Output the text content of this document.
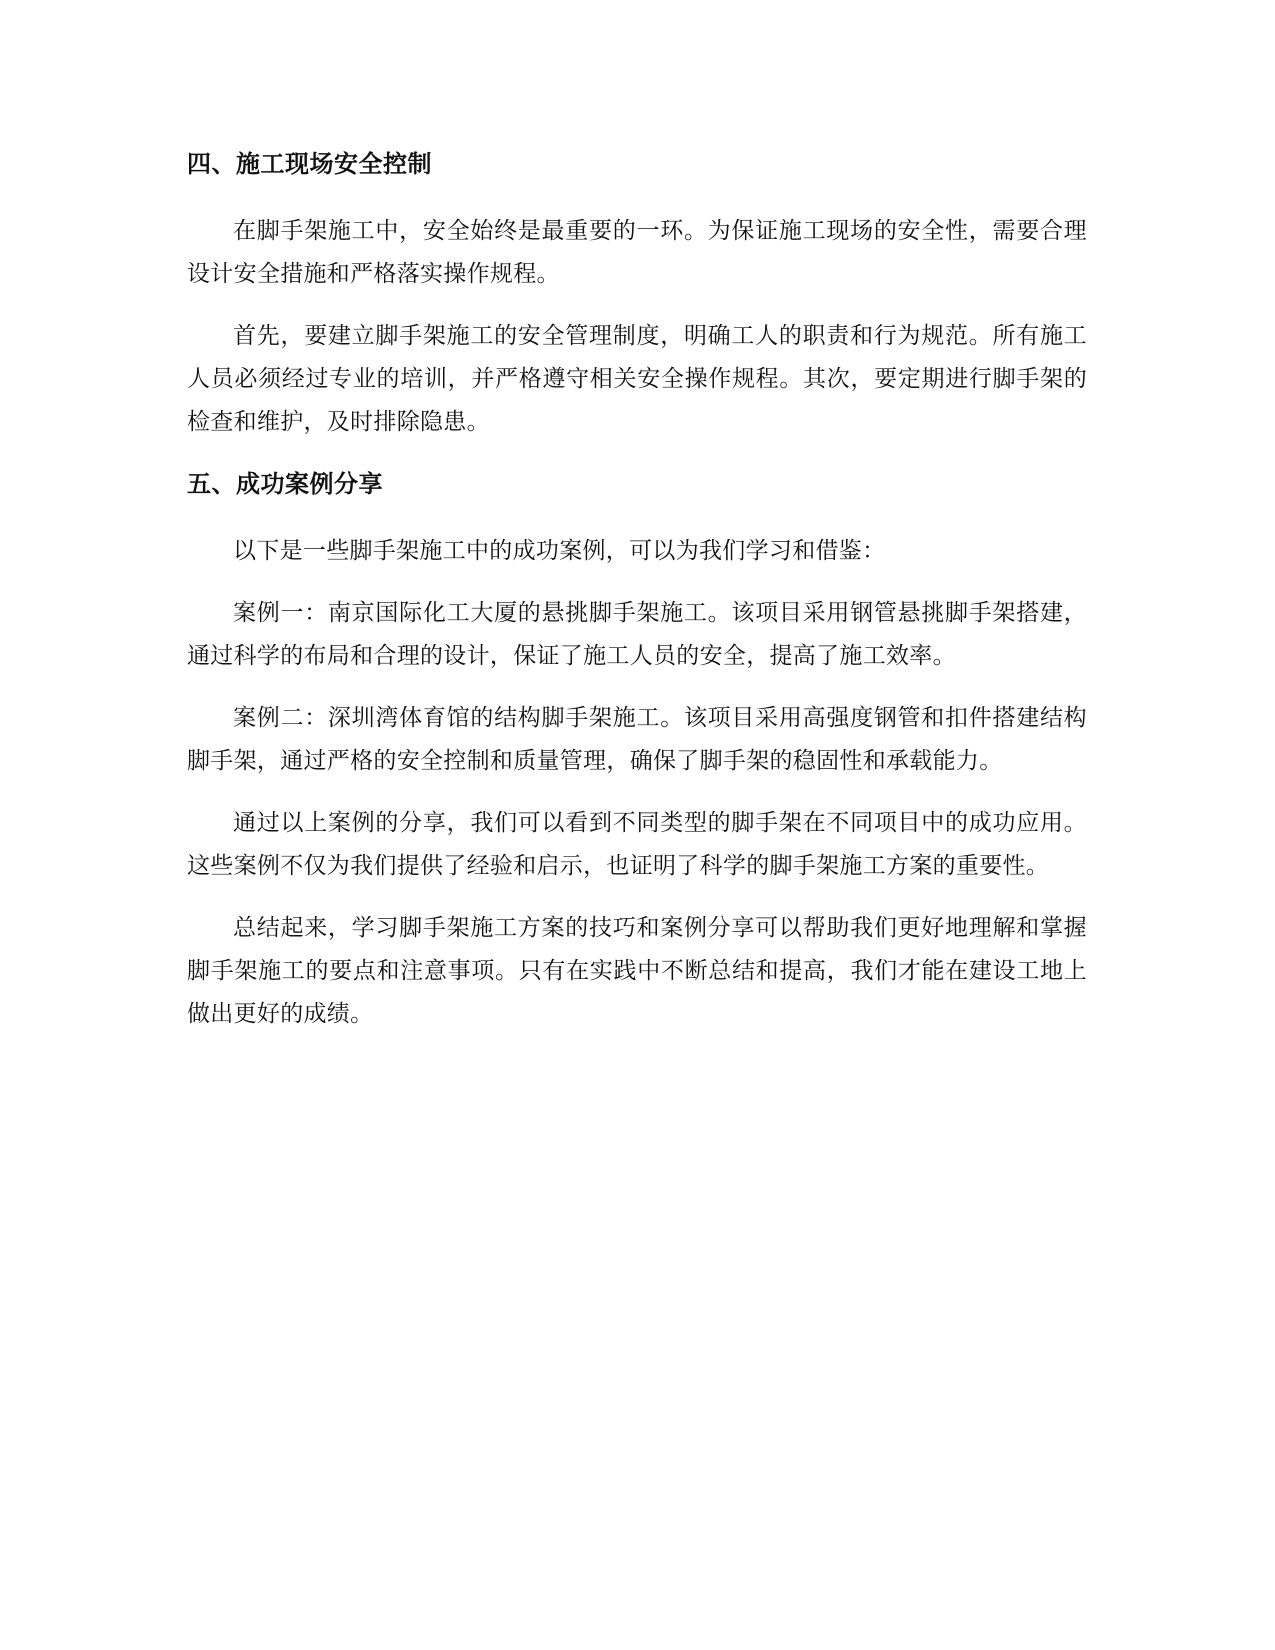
四、施工现场安全控制

在脚手架施工中，安全始终是最重要的一环。为保证施工现场的安全性，需要合理设计安全措施和严格落实操作规程。

首先，要建立脚手架施工的安全管理制度，明确工人的职责和行为规范。所有施工人员必须经过专业的培训，并严格遵守相关安全操作规程。其次，要定期进行脚手架的检查和维护，及时排除隐患。

五、成功案例分享

以下是一些脚手架施工中的成功案例，可以为我们学习和借鉴：

案例一：南京国际化工大厦的悬挑脚手架施工。该项目采用钢管悬挑脚手架搭建，通过科学的布局和合理的设计，保证了施工人员的安全，提高了施工效率。

案例二：深圳湾体育馆的结构脚手架施工。该项目采用高强度钢管和扣件搭建结构脚手架，通过严格的安全控制和质量管理，确保了脚手架的稳固性和承载能力。

通过以上案例的分享，我们可以看到不同类型的脚手架在不同项目中的成功应用。这些案例不仅为我们提供了经验和启示，也证明了科学的脚手架施工方案的重要性。

总结起来，学习脚手架施工方案的技巧和案例分享可以帮助我们更好地理解和掌握脚手架施工的要点和注意事项。只有在实践中不断总结和提高，我们才能在建设工地上做出更好的成绩。
